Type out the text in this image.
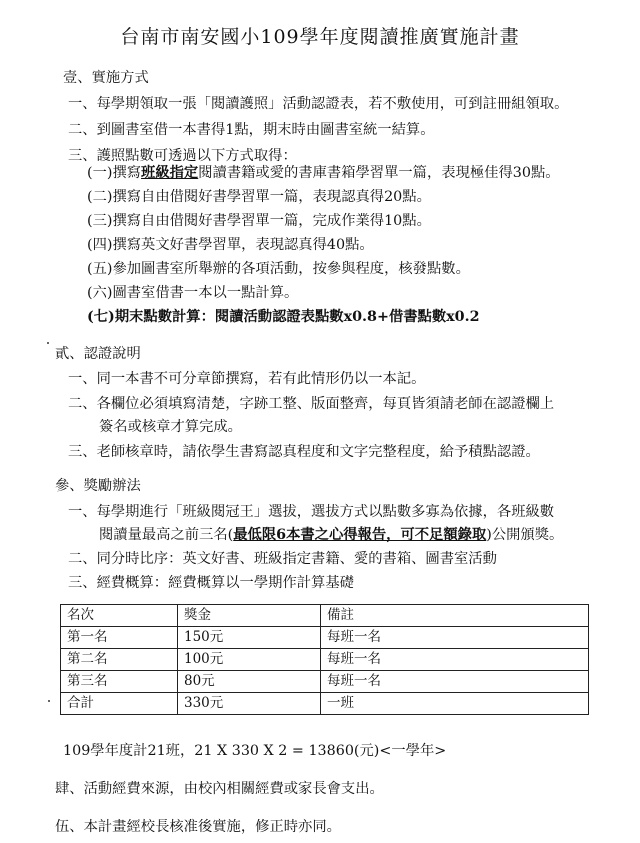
台南市南安國小109學年度閱讀推廣實施計畫
壹、實施方式
一、每學期領取一張「閱讀護照」活動認證表，若不敷使用，可到註冊組領取。
二、到圖書室借一本書得1點，期末時由圖書室統一結算。
三、護照點數可透過以下方式取得：
(一)撰寫班級指定閱讀書籍或愛的書庫書箱學習單一篇，表現極佳得30點。
(二)撰寫自由借閱好書學習單一篇，表現認真得20點。
(三)撰寫自由借閱好書學習單一篇，完成作業得10點。
(四)撰寫英文好書學習單，表現認真得40點。
(五)參加圖書室所舉辦的各項活動，按參與程度，核發點數。
(六)圖書室借書一本以一點計算。
(七)期末點數計算：閱讀活動認證表點數x0.8+借書點數x0.2
貳、認證說明
一、同一本書不可分章節撰寫，若有此情形仍以一本記。
二、各欄位必須填寫清楚，字跡工整、版面整齊，每頁皆須請老師在認證欄上
簽名或核章才算完成。
三、老師核章時，請依學生書寫認真程度和文字完整程度，給予積點認證。
參、獎勵辦法
一、每學期進行「班級閱冠王」選拔，選拔方式以點數多寡為依據，各班級數
閱讀量最高之前三名(最低限6本書之心得報告，可不足額錄取)公開頒獎。
二、同分時比序：英文好書、班級指定書籍、愛的書箱、圖書室活動
三、經費概算：經費概算以一學期作計算基礎
名次	獎金	備註
第一名	150元	每班一名
第二名	100元	每班一名
第三名	80元	每班一名
合計	330元	一班
109學年度計21班，21 X 330 X 2 = 13860(元)<一學年>
肆、活動經費來源，由校內相關經費或家長會支出。
伍、本計畫經校長核准後實施，修正時亦同。
